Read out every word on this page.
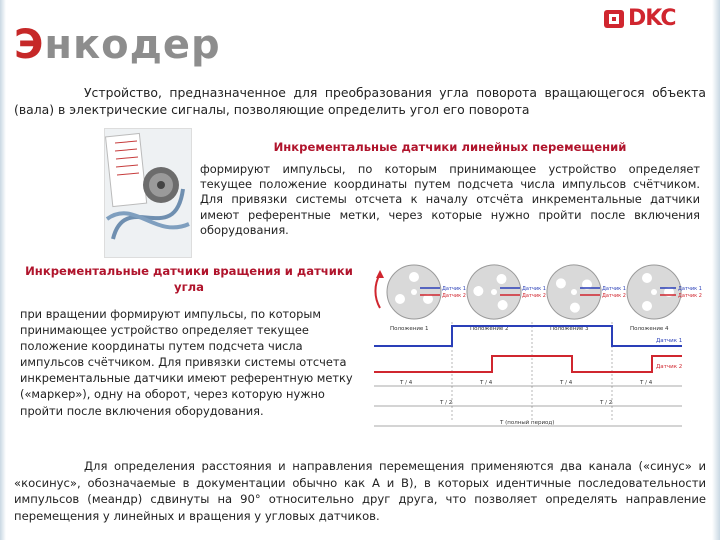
Энкодер
DKC

Устройство, предназначенное для преобразования угла поворота вращающегося объекта (вала) в электрические сигналы, позволяющие определить угол его поворота

Инкрементальные датчики линейных перемещений

формируют импульсы, по которым принимающее устройство определяет текущее положение координаты путем подсчета числа импульсов счётчиком. Для привязки системы отсчета к началу отсчёта инкрементальные датчики имеют референтные метки, через которые нужно пройти после включения оборудования.

Инкрементальные датчики вращения и датчики угла

при вращении формируют импульсы, по которым принимающее устройство определяет текущее положение координаты путем подсчета числа импульсов счётчиком. Для привязки системы отсчета инкрементальные датчики имеют референтную метку («маркер»), одну на оборот, через которую нужно пройти после включения оборудования.

Датчик 1
Датчик 2
Датчик 1
Датчик 2
Датчик 1
Датчик 2
Датчик 1
Датчик 2
Положение 1	Положение 2	Положение 3	Положение 4
Датчик 1
Датчик 2
T / 4	T / 4	T / 4	T / 4
T / 2	T / 2
T (полный период)

Для определения расстояния и направления перемещения применяются два канала («синус» и «косинус», обозначаемые в документации обычно как A и B), в которых идентичные последовательности импульсов (меандр) сдвинуты на 90° относительно друг друга, что позволяет определять направление перемещения у линейных и вращения у угловых датчиков.
